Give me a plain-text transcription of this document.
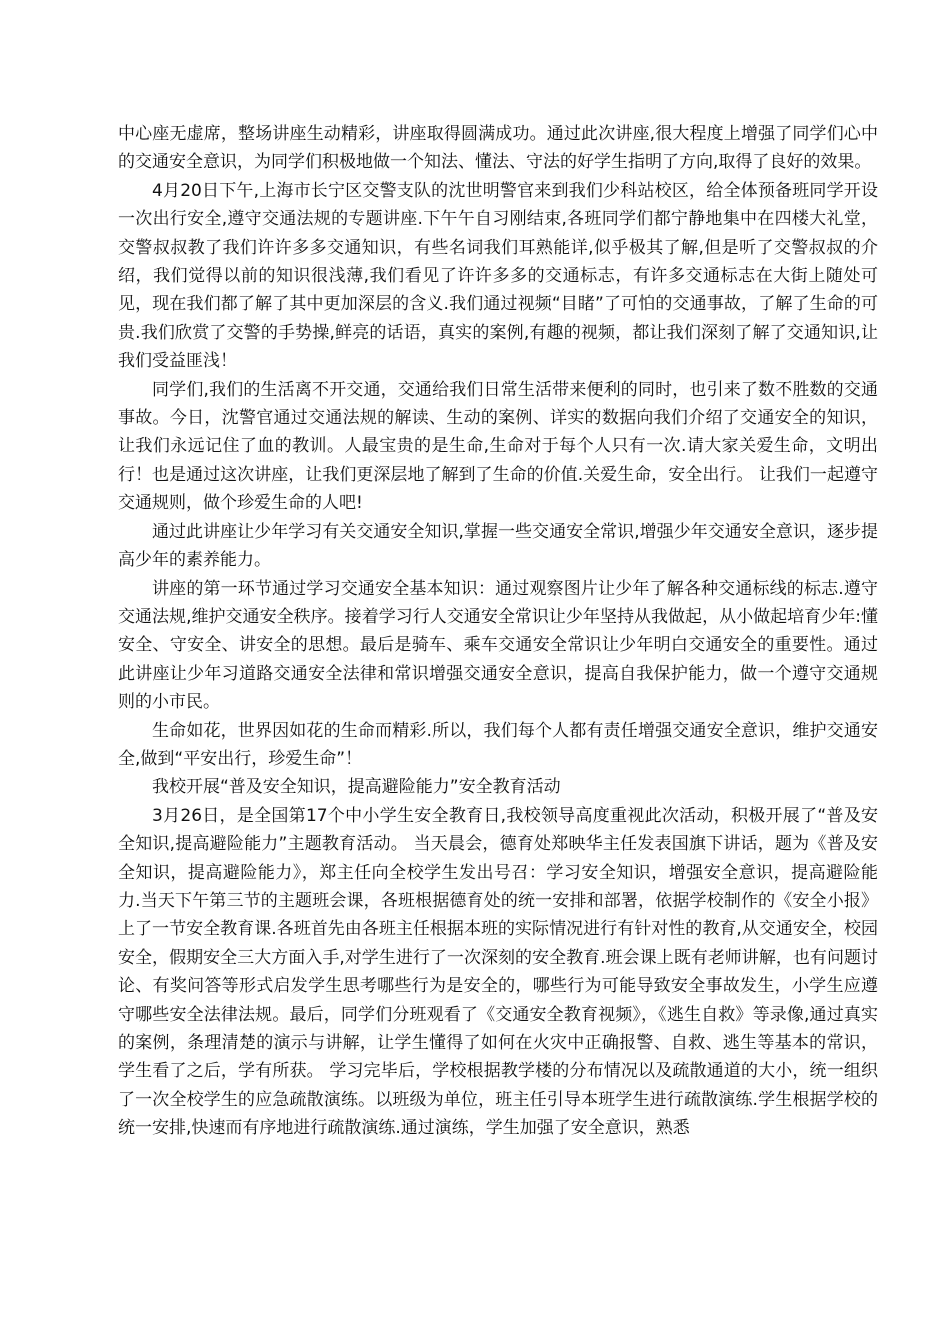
中心座无虚席，整场讲座生动精彩，讲座取得圆满成功。通过此次讲座,很大程度上增强了同学们心中的交通安全意识，为同学们积极地做一个知法、懂法、守法的好学生指明了方向,取得了良好的效果。

4月20日下午,上海市长宁区交警支队的沈世明警官来到我们少科站校区，给全体预备班同学开设一次出行安全,遵守交通法规的专题讲座.下午午自习刚结束,各班同学们都宁静地集中在四楼大礼堂，交警叔叔教了我们许许多多交通知识，有些名词我们耳熟能详,似乎极其了解,但是听了交警叔叔的介绍，我们觉得以前的知识很浅薄,我们看见了许许多多的交通标志，有许多交通标志在大街上随处可见，现在我们都了解了其中更加深层的含义.我们通过视频“目睹”了可怕的交通事故，了解了生命的可贵.我们欣赏了交警的手势操,鲜亮的话语，真实的案例,有趣的视频，都让我们深刻了解了交通知识,让我们受益匪浅！

同学们,我们的生活离不开交通，交通给我们日常生活带来便利的同时，也引来了数不胜数的交通事故。今日，沈警官通过交通法规的解读、生动的案例、详实的数据向我们介绍了交通安全的知识，让我们永远记住了血的教训。人最宝贵的是生命,生命对于每个人只有一次.请大家关爱生命，文明出行！也是通过这次讲座，让我们更深层地了解到了生命的价值.关爱生命，安全出行。 让我们一起遵守交通规则，做个珍爱生命的人吧!

通过此讲座让少年学习有关交通安全知识,掌握一些交通安全常识,增强少年交通安全意识，逐步提高少年的素养能力。

讲座的第一环节通过学习交通安全基本知识：通过观察图片让少年了解各种交通标线的标志.遵守交通法规,维护交通安全秩序。接着学习行人交通安全常识让少年坚持从我做起，从小做起培育少年:懂安全、守安全、讲安全的思想。最后是骑车、乘车交通安全常识让少年明白交通安全的重要性。通过此讲座让少年习道路交通安全法律和常识增强交通安全意识，提高自我保护能力，做一个遵守交通规则的小市民。

生命如花，世界因如花的生命而精彩.所以，我们每个人都有责任增强交通安全意识，维护交通安全,做到“平安出行，珍爱生命”！

我校开展“普及安全知识，提高避险能力”安全教育活动

3月26日，是全国第17个中小学生安全教育日,我校领导高度重视此次活动，积极开展了“普及安全知识,提高避险能力”主题教育活动。 当天晨会，德育处郑映华主任发表国旗下讲话，题为《普及安全知识，提高避险能力》，郑主任向全校学生发出号召：学习安全知识，增强安全意识，提高避险能力.当天下午第三节的主题班会课，各班根据德育处的统一安排和部署，依据学校制作的《安全小报》上了一节安全教育课.各班首先由各班主任根据本班的实际情况进行有针对性的教育,从交通安全，校园安全，假期安全三大方面入手,对学生进行了一次深刻的安全教育.班会课上既有老师讲解，也有问题讨论、有奖问答等形式启发学生思考哪些行为是安全的，哪些行为可能导致安全事故发生，小学生应遵守哪些安全法律法规。最后，同学们分班观看了《交通安全教育视频》，《逃生自救》等录像,通过真实的案例，条理清楚的演示与讲解，让学生懂得了如何在火灾中正确报警、自救、逃生等基本的常识，学生看了之后，学有所获。 学习完毕后，学校根据教学楼的分布情况以及疏散通道的大小，统一组织了一次全校学生的应急疏散演练。以班级为单位，班主任引导本班学生进行疏散演练.学生根据学校的统一安排,快速而有序地进行疏散演练.通过演练，学生加强了安全意识，熟悉
